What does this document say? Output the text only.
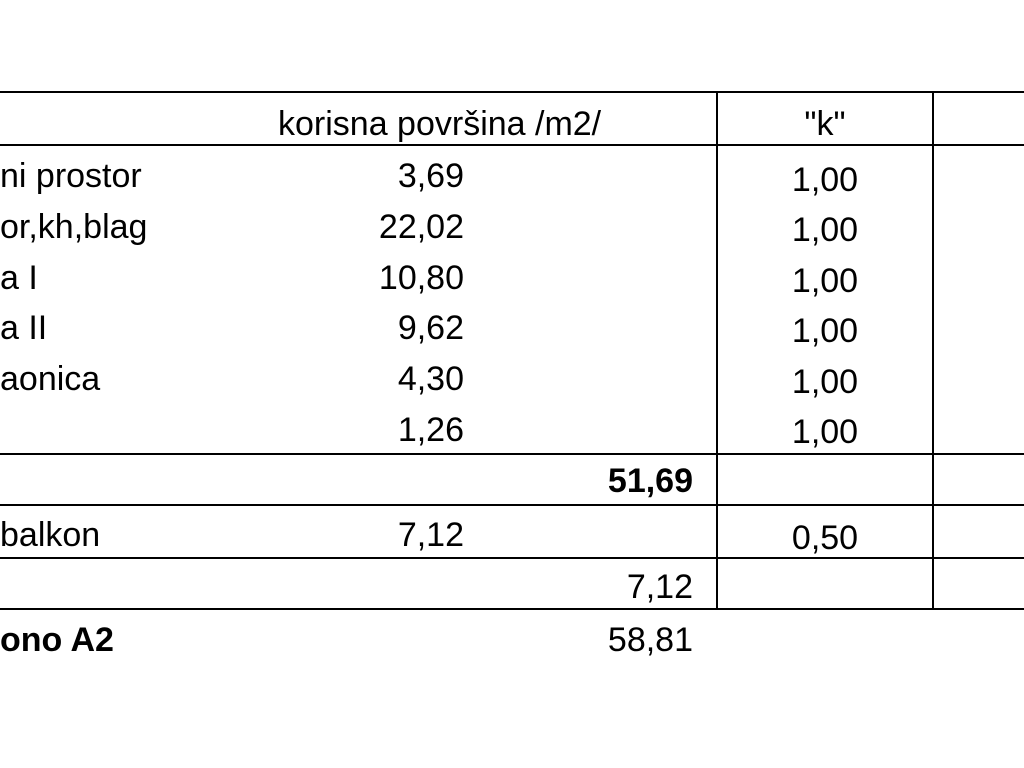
korisna površina /m2/	"k"
ni prostor	3,69	1,00
or,kh,blag	22,02	1,00
a I	10,80	1,00
a II	9,62	1,00
aonica	4,30	1,00
1,26	1,00
51,69
balkon	7,12	0,50
7,12
ono A2	58,81
